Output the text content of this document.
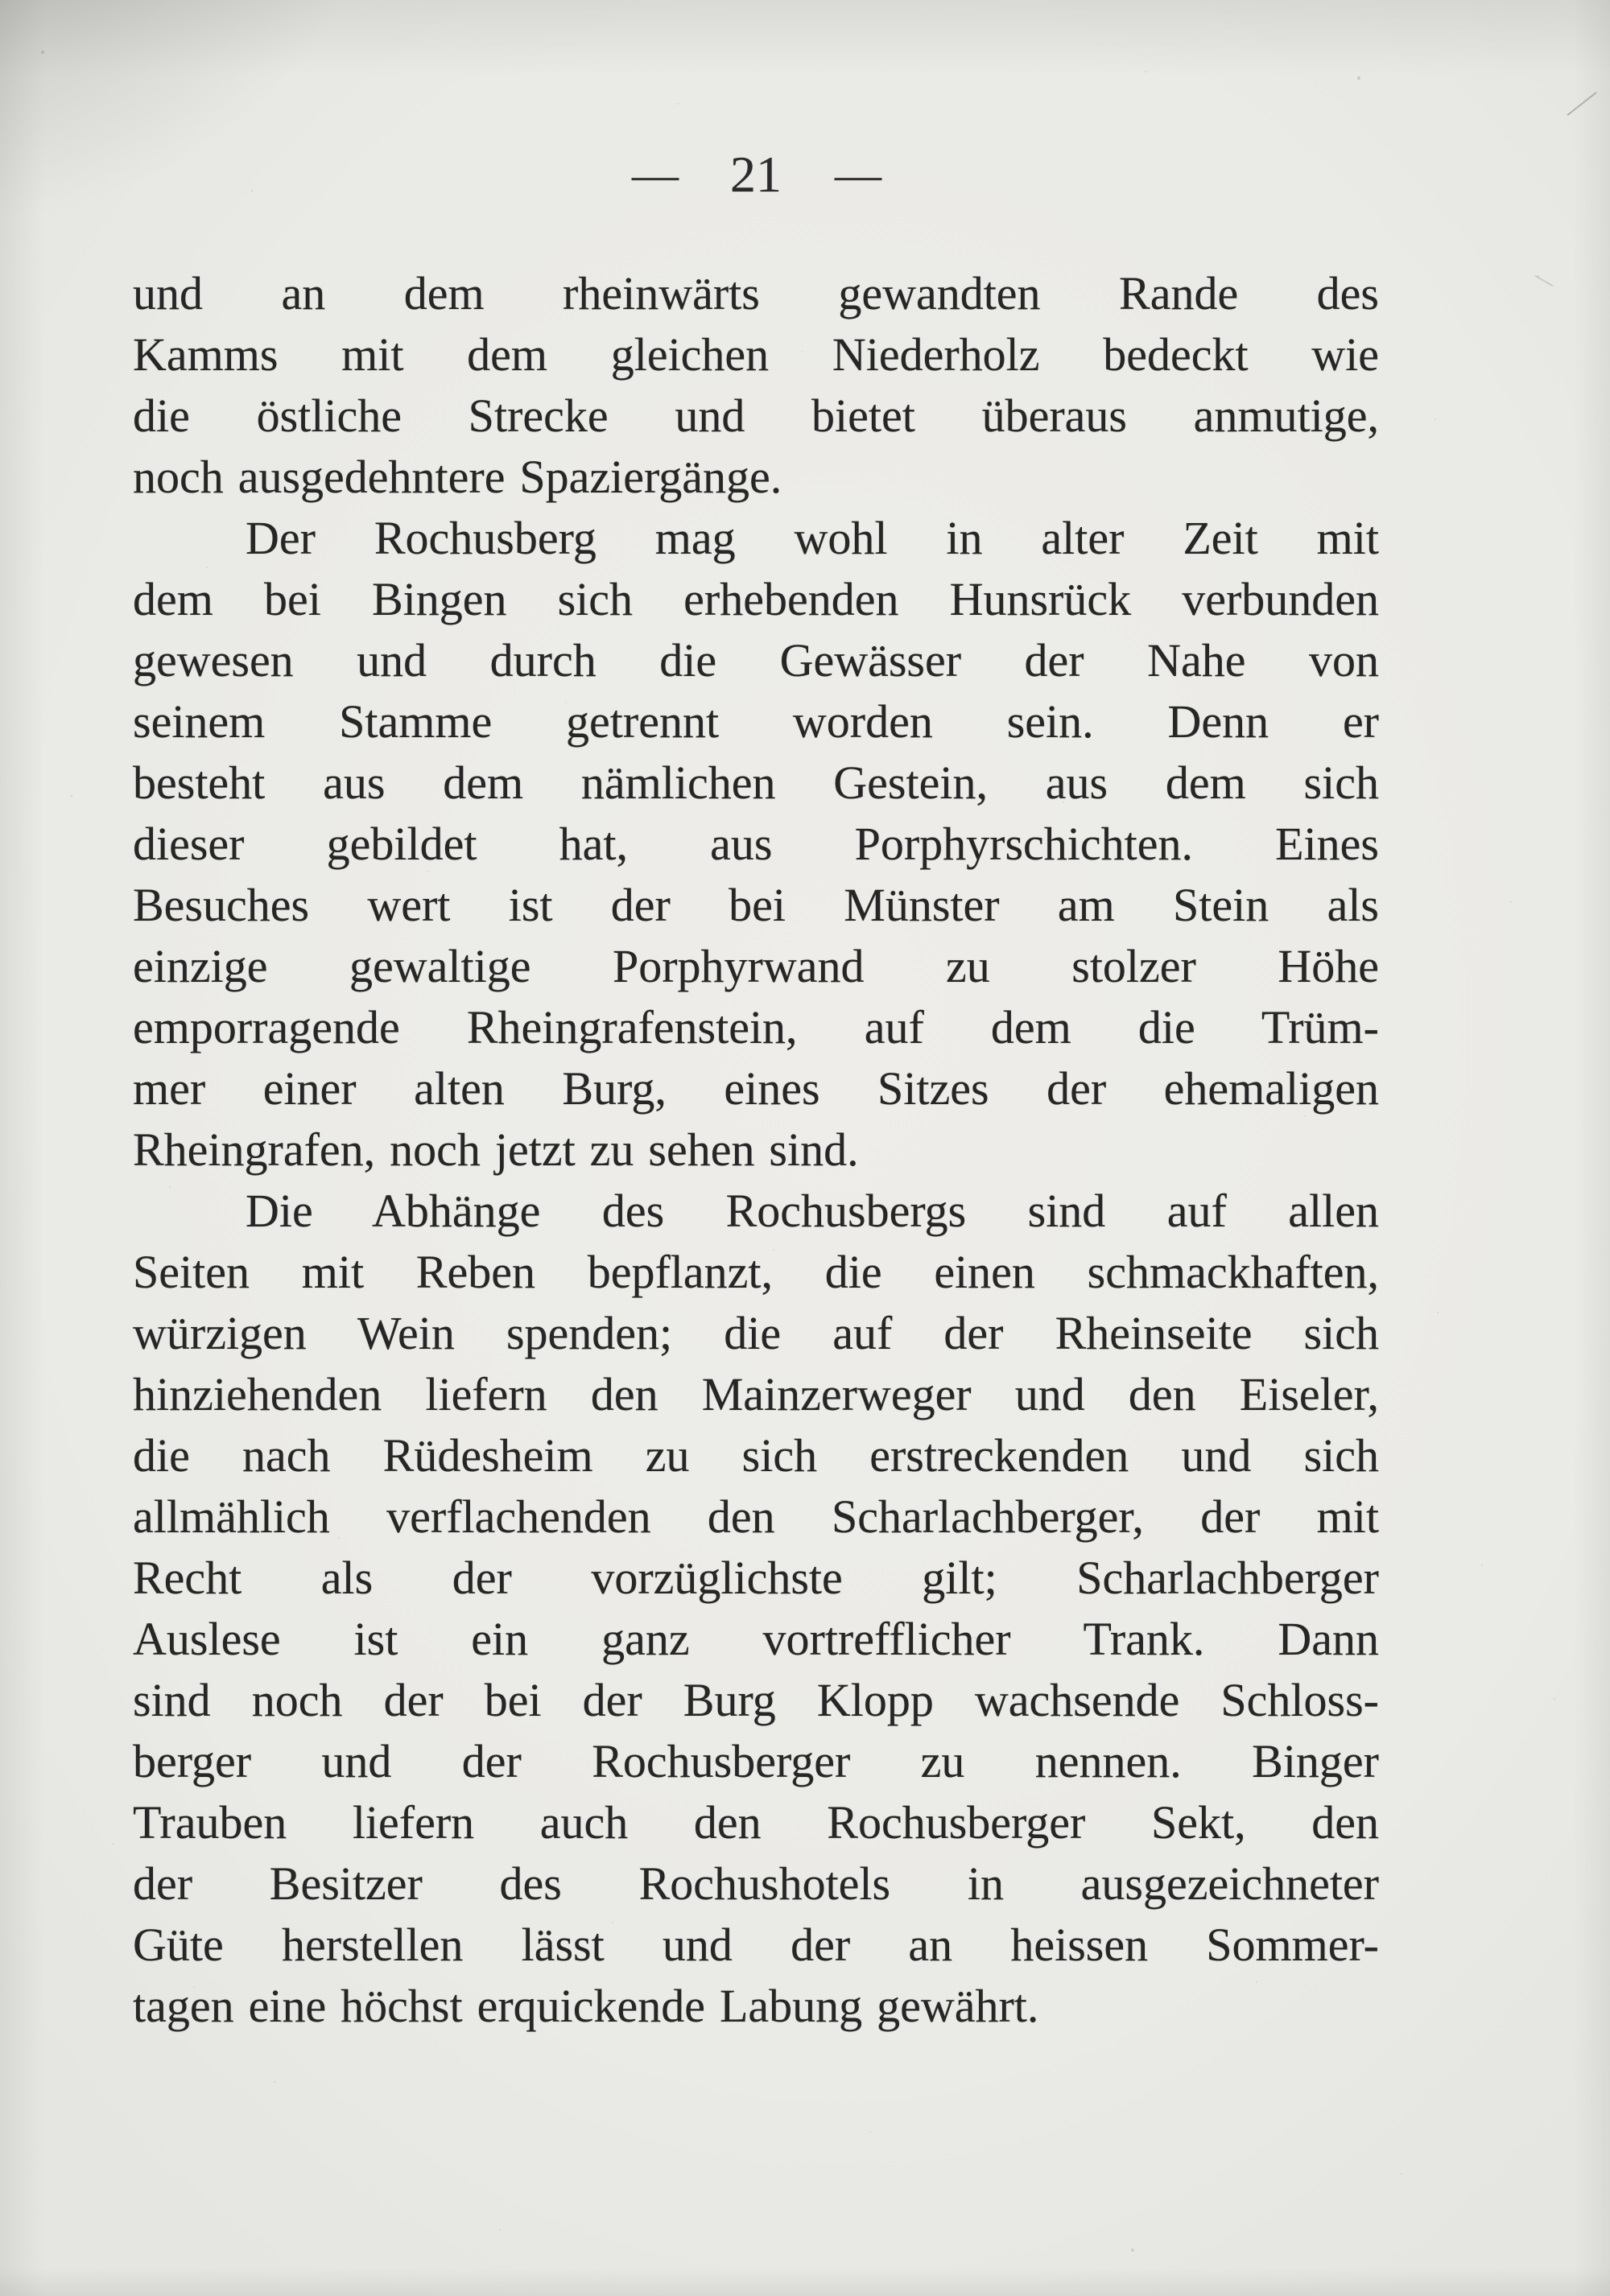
— 21 —
und an dem rheinwärts gewandten Rande des
Kamms mit dem gleichen Niederholz bedeckt wie
die östliche Strecke und bietet überaus anmutige,
noch ausgedehntere Spaziergänge.
Der Rochusberg mag wohl in alter Zeit mit
dem bei Bingen sich erhebenden Hunsrück verbunden
gewesen und durch die Gewässer der Nahe von
seinem Stamme getrennt worden sein. Denn er
besteht aus dem nämlichen Gestein, aus dem sich
dieser gebildet hat, aus Porphyrschichten. Eines
Besuches wert ist der bei Münster am Stein als
einzige gewaltige Porphyrwand zu stolzer Höhe
emporragende Rheingrafenstein, auf dem die Trüm-
mer einer alten Burg, eines Sitzes der ehemaligen
Rheingrafen, noch jetzt zu sehen sind.
Die Abhänge des Rochusbergs sind auf allen
Seiten mit Reben bepflanzt, die einen schmackhaften,
würzigen Wein spenden; die auf der Rheinseite sich
hinziehenden liefern den Mainzerweger und den Eiseler,
die nach Rüdesheim zu sich erstreckenden und sich
allmählich verflachenden den Scharlachberger, der mit
Recht als der vorzüglichste gilt; Scharlachberger
Auslese ist ein ganz vortrefflicher Trank. Dann
sind noch der bei der Burg Klopp wachsende Schloss-
berger und der Rochusberger zu nennen. Binger
Trauben liefern auch den Rochusberger Sekt, den
der Besitzer des Rochushotels in ausgezeichneter
Güte herstellen lässt und der an heissen Sommer-
tagen eine höchst erquickende Labung gewährt.
